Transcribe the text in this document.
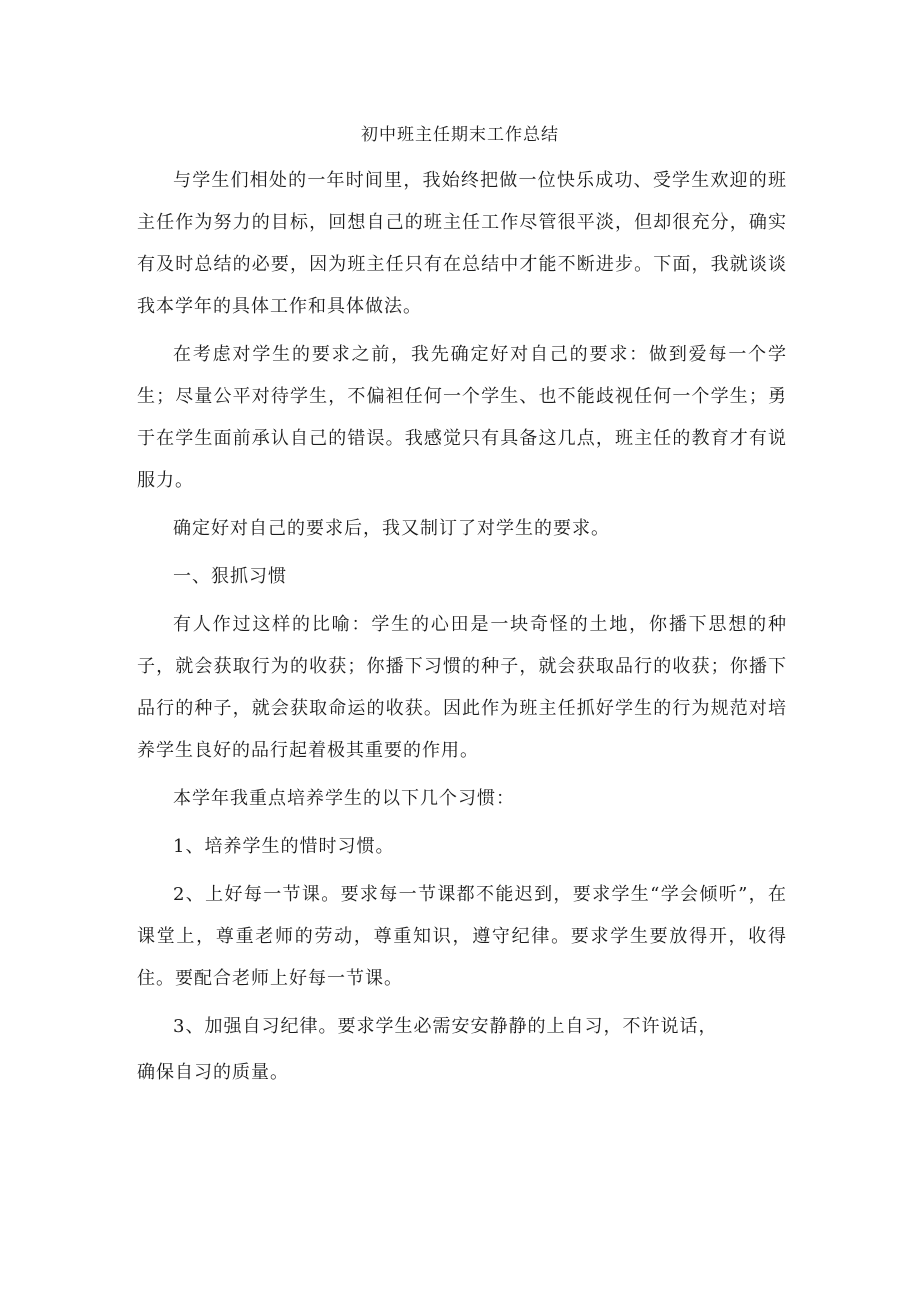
初中班主任期末工作总结

与学生们相处的一年时间里，我始终把做一位快乐成功、受学生欢迎的班主任作为努力的目标，回想自己的班主任工作尽管很平淡，但却很充分，确实有及时总结的必要，因为班主任只有在总结中才能不断进步。下面，我就谈谈我本学年的具体工作和具体做法。

在考虑对学生的要求之前，我先确定好对自己的要求：做到爱每一个学生；尽量公平对待学生，不偏袒任何一个学生、也不能歧视任何一个学生；勇于在学生面前承认自己的错误。我感觉只有具备这几点，班主任的教育才有说服力。

确定好对自己的要求后，我又制订了对学生的要求。

一、狠抓习惯

有人作过这样的比喻：学生的心田是一块奇怪的土地，你播下思想的种子，就会获取行为的收获；你播下习惯的种子，就会获取品行的收获；你播下品行的种子，就会获取命运的收获。因此作为班主任抓好学生的行为规范对培养学生良好的品行起着极其重要的作用。

本学年我重点培养学生的以下几个习惯：

1、培养学生的惜时习惯。

2、上好每一节课。要求每一节课都不能迟到，要求学生“学会倾听”，在课堂上，尊重老师的劳动，尊重知识，遵守纪律。要求学生要放得开，收得住。要配合老师上好每一节课。

3、加强自习纪律。要求学生必需安安静静的上自习，不许说话，

确保自习的质量。
